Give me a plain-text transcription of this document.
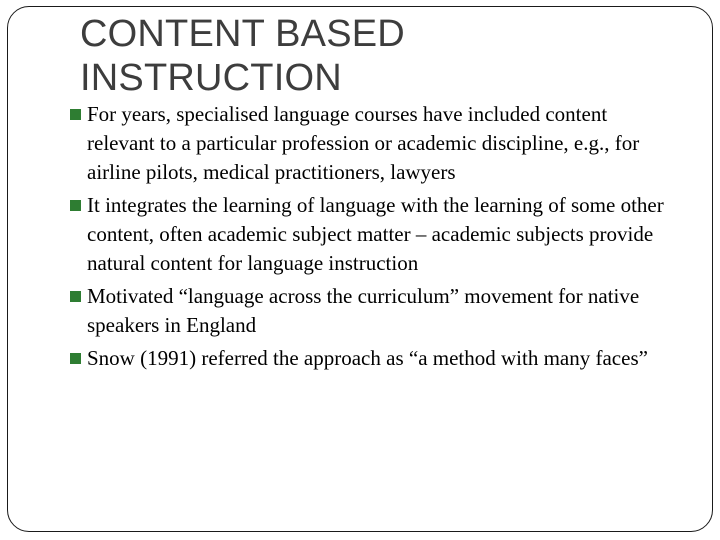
CONTENT BASED
INSTRUCTION
For years, specialised language courses have included content relevant to a particular profession or academic discipline, e.g., for airline pilots, medical practitioners, lawyers
It integrates the learning of language with the learning of some other content, often academic subject matter – academic subjects provide natural content for language instruction
Motivated “language across the curriculum” movement for native speakers in England
Snow (1991) referred the approach as “a method with many faces”
